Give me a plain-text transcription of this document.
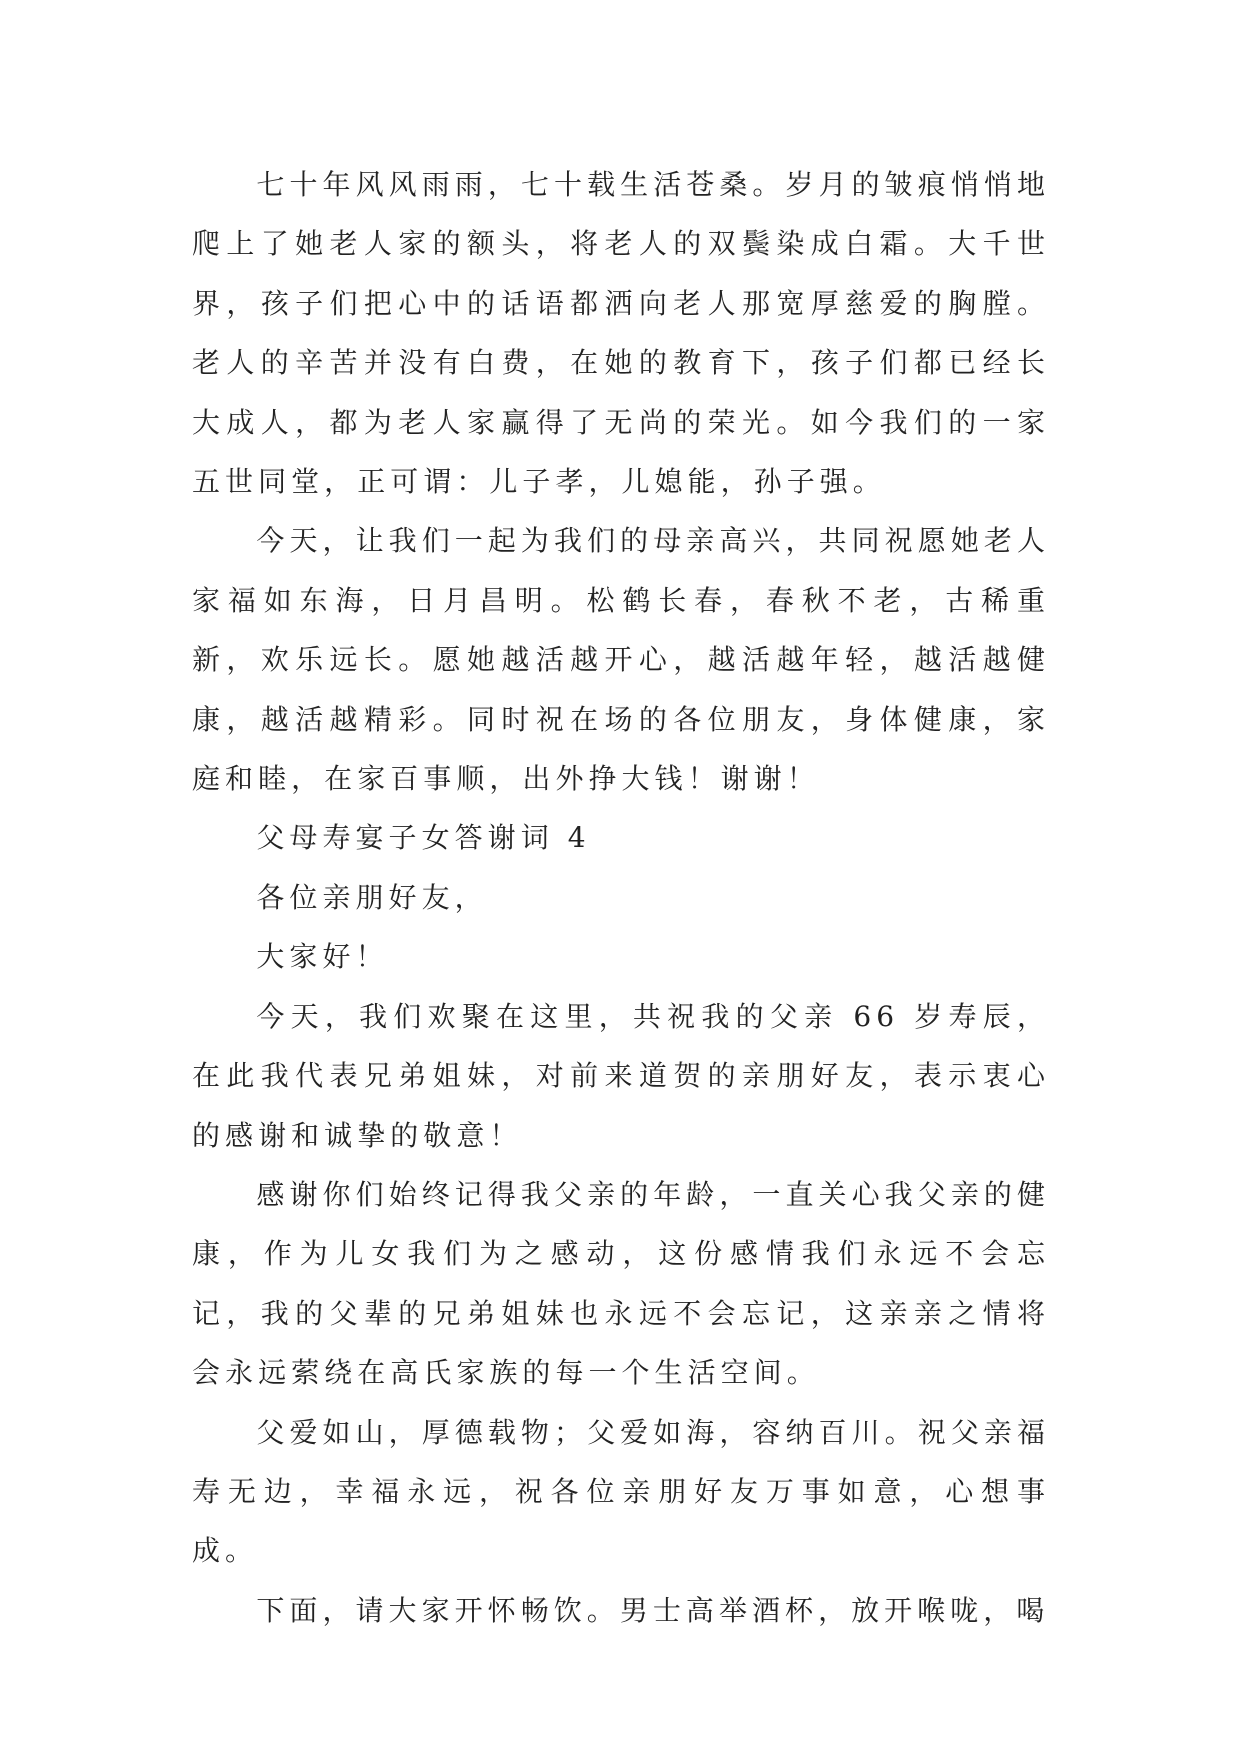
七十年风风雨雨，七十载生活苍桑。岁月的皱痕悄悄地爬上了她老人家的额头，将老人的双鬓染成白霜。大千世界，孩子们把心中的话语都洒向老人那宽厚慈爱的胸膛。老人的辛苦并没有白费，在她的教育下，孩子们都已经长大成人，都为老人家赢得了无尚的荣光。如今我们的一家五世同堂，正可谓：儿子孝，儿媳能，孙子强。

今天，让我们一起为我们的母亲高兴，共同祝愿她老人家福如东海，日月昌明。松鹤长春，春秋不老，古稀重新，欢乐远长。愿她越活越开心，越活越年轻，越活越健康，越活越精彩。同时祝在场的各位朋友，身体健康，家庭和睦，在家百事顺，出外挣大钱！谢谢！

父母寿宴子女答谢词 4

各位亲朋好友，

大家好！

今天，我们欢聚在这里，共祝我的父亲 66 岁寿辰，在此我代表兄弟姐妹，对前来道贺的亲朋好友，表示衷心的感谢和诚挚的敬意！

感谢你们始终记得我父亲的年龄，一直关心我父亲的健康，作为儿女我们为之感动，这份感情我们永远不会忘记，我的父辈的兄弟姐妹也永远不会忘记，这亲亲之情将会永远萦绕在高氏家族的每一个生活空间。

父爱如山，厚德载物；父爱如海，容纳百川。祝父亲福寿无边，幸福永远，祝各位亲朋好友万事如意，心想事成。

下面，请大家开怀畅饮。男士高举酒杯，放开喉咙，喝
